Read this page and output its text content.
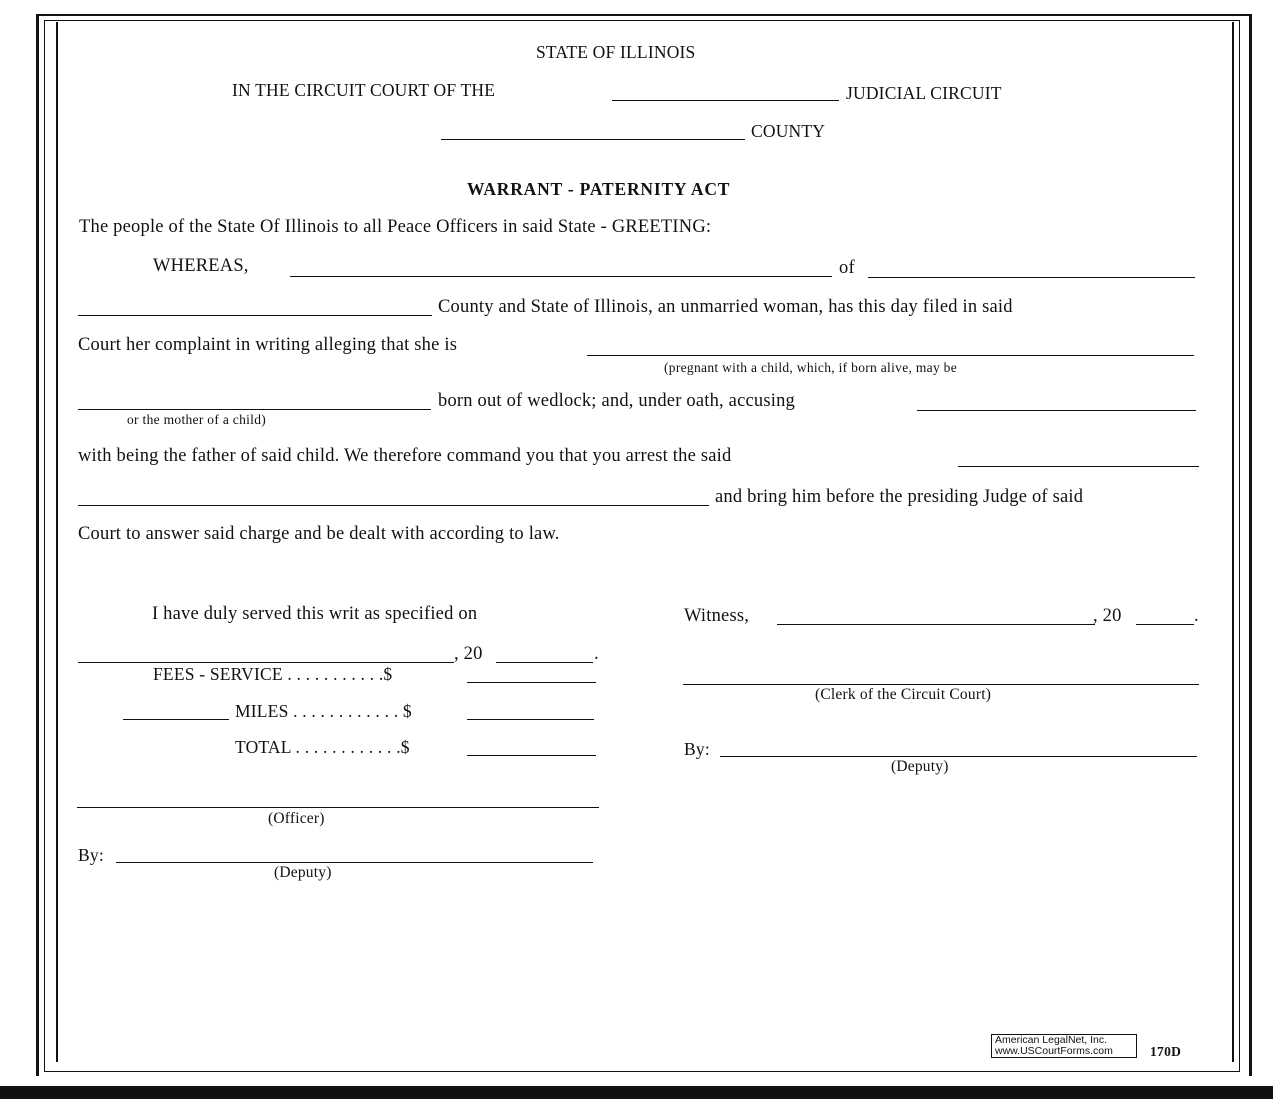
STATE OF ILLINOIS
IN THE CIRCUIT COURT OF THE	JUDICIAL CIRCUIT
COUNTY
WARRANT - PATERNITY ACT
The people of the State Of Illinois to all Peace Officers in said State - GREETING:
WHEREAS,	of
County and State of Illinois, an unmarried woman, has this day filed in said
Court her complaint in writing alleging that she is
(pregnant with a child, which, if born alive, may be
born out of wedlock; and, under oath, accusing
or the mother of a child)
with being the father of said child. We therefore command you that you arrest the said
and bring him before the presiding Judge of said
Court to answer said charge and be dealt with according to law.
I have duly served this writ as specified on
, 20	.
FEES - SERVICE . . . . . . . . . . .$
MILES . . . . . . . . . . . . $
TOTAL . . . . . . . . . . . .$
(Officer)
By:
(Deputy)
Witness,	, 20	.
(Clerk of the Circuit Court)
By:
(Deputy)
American LegalNet, Inc.
www.USCourtForms.com	170D
